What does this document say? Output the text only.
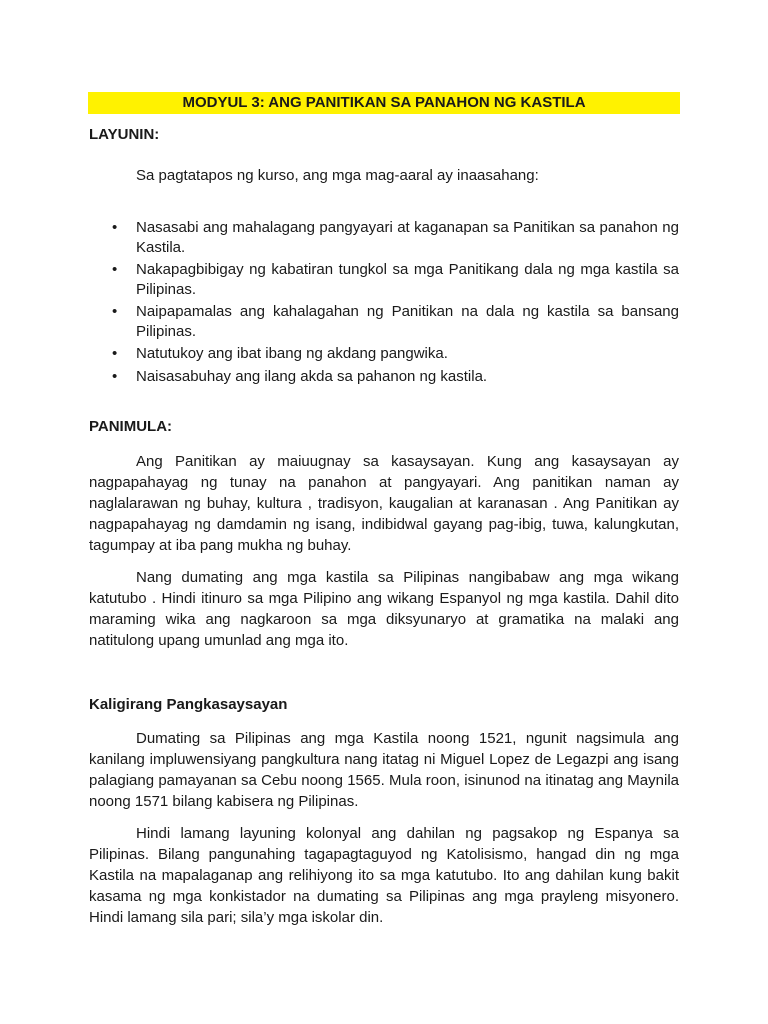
MODYUL 3: ANG PANITIKAN SA PANAHON NG KASTILA
LAYUNIN:
Sa pagtatapos ng kurso, ang mga mag-aaral ay inaasahang:
• Nasasabi ang mahalagang pangyayari at kaganapan sa Panitikan sa panahon ng Kastila.
• Nakapagbibigay ng kabatiran tungkol sa mga Panitikang dala ng mga kastila sa Pilipinas.
• Naipapamalas ang kahalagahan ng Panitikan na dala ng kastila sa bansang Pilipinas.
• Natutukoy ang ibat ibang ng akdang pangwika.
• Naisasabuhay ang ilang akda sa pahanon ng kastila.
PANIMULA:
Ang Panitikan ay maiuugnay sa kasaysayan. Kung ang kasaysayan ay nagpapahayag ng tunay na panahon at pangyayari. Ang panitikan naman ay naglalarawan ng buhay, kultura , tradisyon, kaugalian at karanasan . Ang Panitikan ay nagpapahayag ng damdamin ng isang, indibidwal gayang pag-ibig, tuwa, kalungkutan, tagumpay at iba pang mukha ng buhay.
Nang dumating ang mga kastila sa Pilipinas nangibabaw ang mga wikang katutubo . Hindi itinuro sa mga Pilipino ang wikang Espanyol ng mga kastila. Dahil dito maraming wika ang nagkaroon sa mga diksyunaryo at gramatika na malaki ang natitulong upang umunlad ang mga ito.
Kaligirang Pangkasaysayan
Dumating sa Pilipinas ang mga Kastila noong 1521, ngunit nagsimula ang kanilang impluwensiyang pangkultura nang itatag ni Miguel Lopez de Legazpi ang isang palagiang pamayanan sa Cebu noong 1565. Mula roon, isinunod na itinatag ang Maynila noong 1571 bilang kabisera ng Pilipinas.
Hindi lamang layuning kolonyal ang dahilan ng pagsakop ng Espanya sa Pilipinas. Bilang pangunahing tagapagtaguyod ng Katolisismo, hangad din ng mga Kastila na mapalaganap ang relihiyong ito sa mga katutubo. Ito ang dahilan kung bakit kasama ng mga konkistador na dumating sa Pilipinas ang mga prayleng misyonero. Hindi lamang sila pari; sila’y mga iskolar din.
